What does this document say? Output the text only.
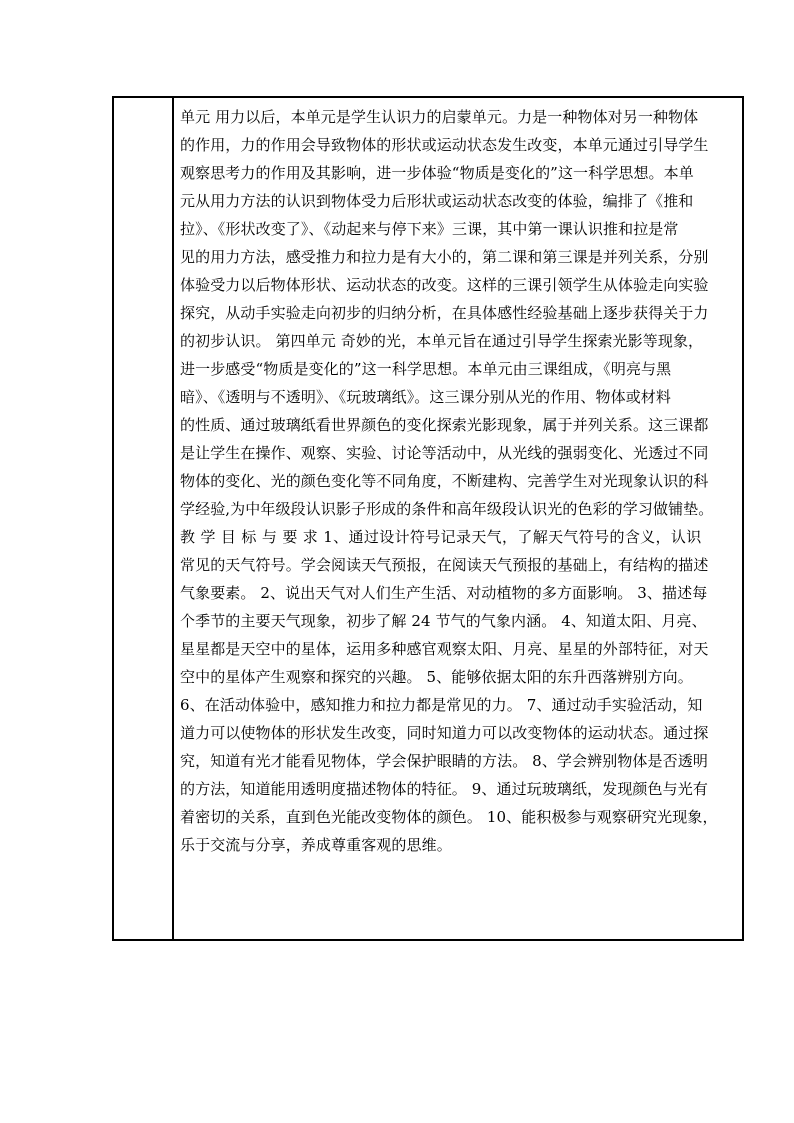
单元 用力以后，本单元是学生认识力的启蒙单元。力是一种物体对另一种物体
的作用，力的作用会导致物体的形状或运动状态发生改变，本单元通过引导学生
观察思考力的作用及其影响，进一步体验“物质是变化的”这一科学思想。本单
元从用力方法的认识到物体受力后形状或运动状态改变的体验，编排了《推和
拉》、《形状改变了》、《动起来与停下来》三课，其中第一课认识推和拉是常
见的用力方法，感受推力和拉力是有大小的，第二课和第三课是并列关系，分别
体验受力以后物体形状、运动状态的改变。这样的三课引领学生从体验走向实验
探究，从动手实验走向初步的归纳分析，在具体感性经验基础上逐步获得关于力
的初步认识。 第四单元 奇妙的光，本单元旨在通过引导学生探索光影等现象，
进一步感受“物质是变化的”这一科学思想。本单元由三课组成，《明亮与黑
暗》、《透明与不透明》、《玩玻璃纸》。这三课分别从光的作用、物体或材料
的性质、通过玻璃纸看世界颜色的变化探索光影现象，属于并列关系。这三课都
是让学生在操作、观察、实验、讨论等活动中，从光线的强弱变化、光透过不同
物体的变化、光的颜色变化等不同角度，不断建构、完善学生对光现象认识的科
学经验,为中年级段认识影子形成的条件和高年级段认识光的色彩的学习做铺垫。
教 学 目 标 与 要 求 1、通过设计符号记录天气，了解天气符号的含义，认识
常见的天气符号。学会阅读天气预报，在阅读天气预报的基础上，有结构的描述
气象要素。 2、说出天气对人们生产生活、对动植物的多方面影响。 3、描述每
个季节的主要天气现象，初步了解 24 节气的气象内涵。 4、知道太阳、月亮、
星星都是天空中的星体，运用多种感官观察太阳、月亮、星星的外部特征，对天
空中的星体产生观察和探究的兴趣。 5、能够依据太阳的东升西落辨别方向。
6、在活动体验中，感知推力和拉力都是常见的力。 7、通过动手实验活动，知
道力可以使物体的形状发生改变，同时知道力可以改变物体的运动状态。通过探
究，知道有光才能看见物体，学会保护眼睛的方法。 8、学会辨别物体是否透明
的方法，知道能用透明度描述物体的特征。 9、通过玩玻璃纸，发现颜色与光有
着密切的关系，直到色光能改变物体的颜色。 10、能积极参与观察研究光现象，
乐于交流与分享，养成尊重客观的思维。
